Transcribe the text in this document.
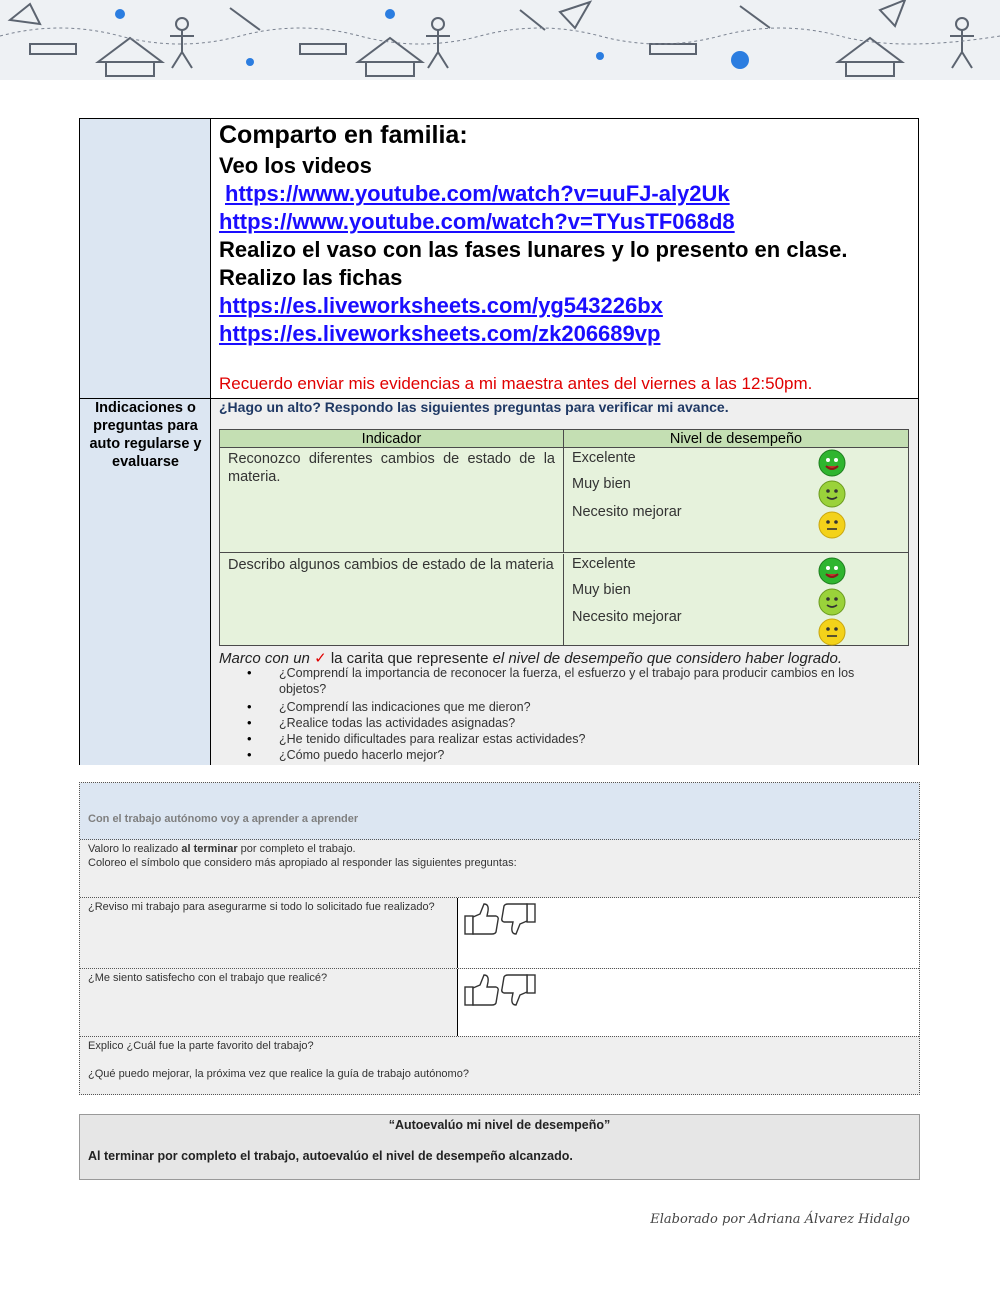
Comparto en familia:
Veo los videos
https://www.youtube.com/watch?v=uuFJ-aly2Uk
https://www.youtube.com/watch?v=TYusTF068d8
Realizo el vaso con las fases lunares y lo presento en clase.
Realizo las fichas
https://es.liveworksheets.com/yg543226bx
https://es.liveworksheets.com/zk206689vp
Recuerdo enviar mis evidencias a mi maestra antes del viernes a las 12:50pm.
Indicaciones o preguntas para auto regularse y evaluarse
¿Hago un alto? Respondo las siguientes preguntas para verificar mi avance.
Indicador	Nivel de desempeño
Reconozco diferentes cambios de estado de la materia.
Excelente
Muy bien
Necesito mejorar
Describo algunos cambios de estado de la materia	Excelente
Muy bien
Necesito mejorar
Marco con un ✓ la carita que represente el nivel de desempeño que considero haber logrado.
• ¿Comprendí la importancia de reconocer la fuerza, el esfuerzo y el trabajo para producir cambios en los objetos?
• ¿Comprendí las indicaciones que me dieron?
• ¿Realice todas las actividades asignadas?
• ¿He tenido dificultades para realizar estas actividades?
• ¿Cómo puedo hacerlo mejor?
Con el trabajo autónomo voy a aprender a aprender
Valoro lo realizado al terminar por completo el trabajo.
Coloreo el símbolo que considero más apropiado al responder las siguientes preguntas:
¿Reviso mi trabajo para asegurarme si todo lo solicitado fue realizado?
¿Me siento satisfecho con el trabajo que realicé?
Explico ¿Cuál fue la parte favorito del trabajo?
¿Qué puedo mejorar, la próxima vez que realice la guía de trabajo autónomo?
“Autoevalúo mi nivel de desempeño”
Al terminar por completo el trabajo, autoevalúo el nivel de desempeño alcanzado.
Elaborado por Adriana Álvarez Hidalgo
